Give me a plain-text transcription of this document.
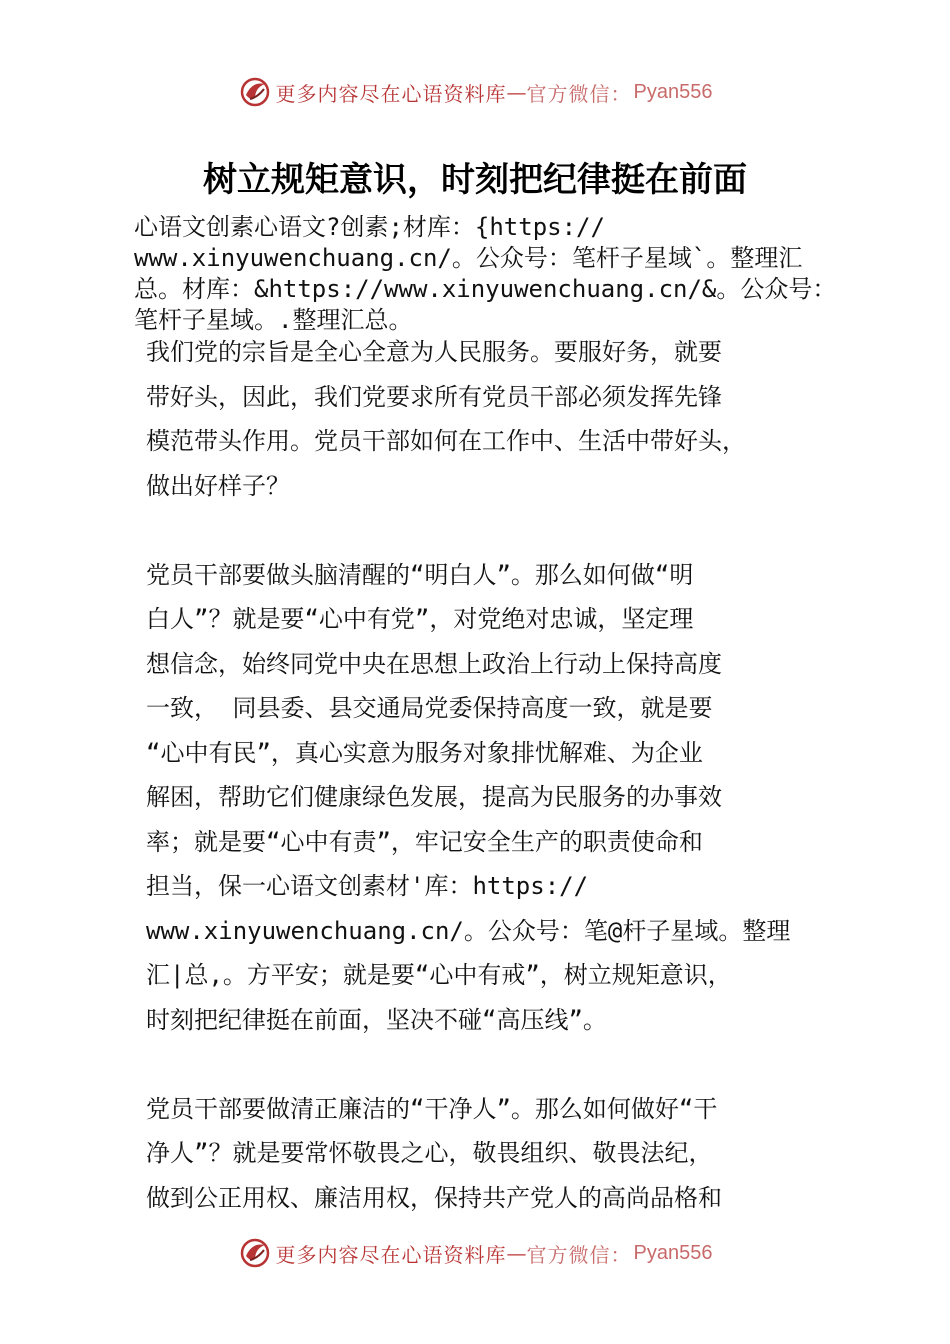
更多内容尽在心语资料库 — 官方微信： Pyan556
树立规矩意识，时刻把纪律挺在前面
心语文创素心语文?创素;材库：{https://
www.xinyuwenchuang.cn/。公众号：笔杆子星域`。整理汇
总。材库：&https://www.xinyuwenchuang.cn/&。公众号：
笔杆子星域。.整理汇总。
我们党的宗旨是全心全意为人民服务。要服好务，就要
带好头，因此，我们党要求所有党员干部必须发挥先锋
模范带头作用。党员干部如何在工作中、生活中带好头，
做出好样子？
党员干部要做头脑清醒的“明白人”。那么如何做“明
白人”？就是要“心中有党”，对党绝对忠诚，坚定理
想信念，始终同党中央在思想上政治上行动上保持高度
一致， 同县委、县交通局党委保持高度一致，就是要
“心中有民”，真心实意为服务对象排忧解难、为企业
解困，帮助它们健康绿色发展，提高为民服务的办事效
率；就是要“心中有责”，牢记安全生产的职责使命和
担当，保一心语文创素材'库：https://
www.xinyuwenchuang.cn/。公众号：笔@杆子星域。整理
汇|总,。方平安；就是要“心中有戒”，树立规矩意识，
时刻把纪律挺在前面，坚决不碰“高压线”。
党员干部要做清正廉洁的“干净人”。那么如何做好“干
净人”？就是要常怀敬畏之心，敬畏组织、敬畏法纪，
做到公正用权、廉洁用权，保持共产党人的高尚品格和
更多内容尽在心语资料库 — 官方微信： Pyan556
